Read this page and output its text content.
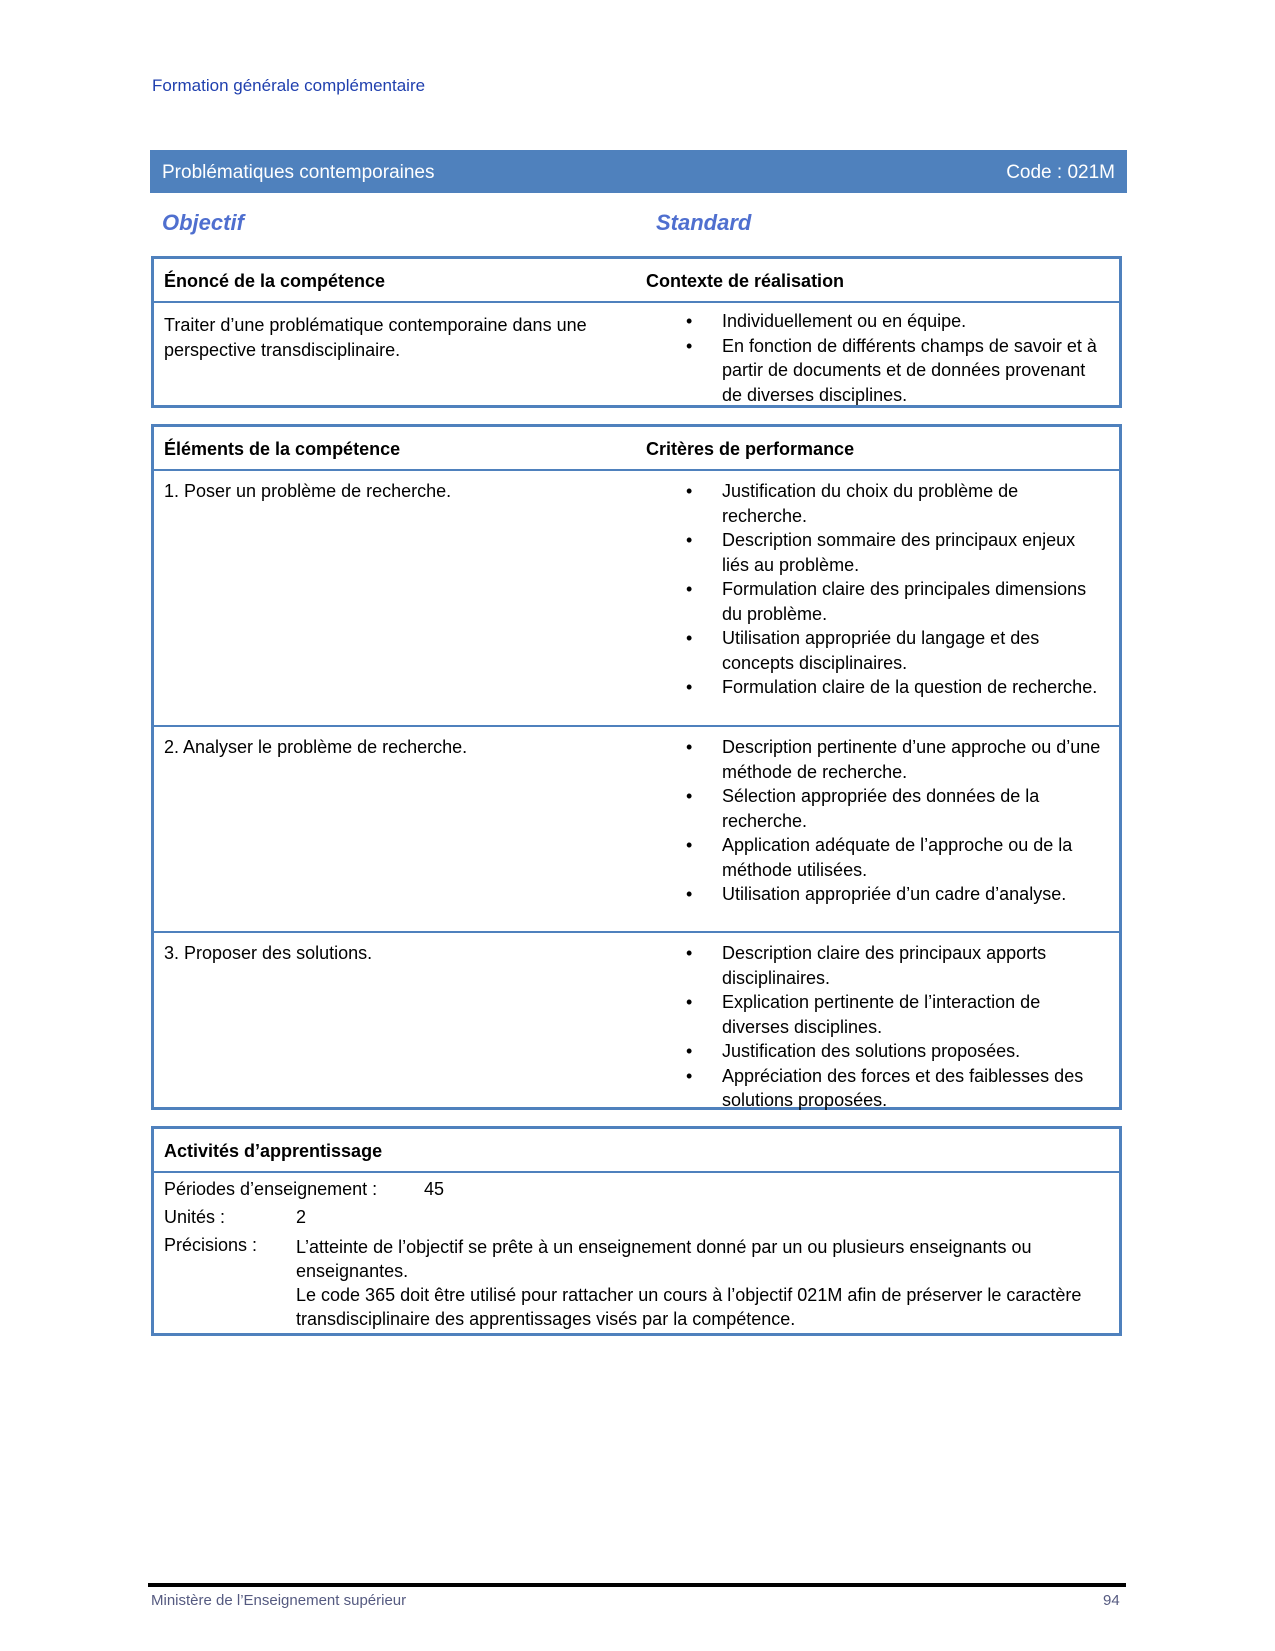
Formation générale complémentaire
Problématiques contemporaines	Code : 021M
Objectif	Standard
Énoncé de la compétence	Contexte de réalisation
Traiter d’une problématique contemporaine dans une perspective transdisciplinaire.
• Individuellement ou en équipe.
• En fonction de différents champs de savoir et à partir de documents et de données provenant de diverses disciplines.
Éléments de la compétence	Critères de performance
1. Poser un problème de recherche.	• Justification du choix du problème de recherche.
• Description sommaire des principaux enjeux liés au problème.
• Formulation claire des principales dimensions du problème.
• Utilisation appropriée du langage et des concepts disciplinaires.
• Formulation claire de la question de recherche.
2. Analyser le problème de recherche.	• Description pertinente d’une approche ou d’une méthode de recherche.
• Sélection appropriée des données de la recherche.
• Application adéquate de l’approche ou de la méthode utilisées.
• Utilisation appropriée d’un cadre d’analyse.
3. Proposer des solutions.	• Description claire des principaux apports disciplinaires.
• Explication pertinente de l’interaction de diverses disciplines.
• Justification des solutions proposées.
• Appréciation des forces et des faiblesses des solutions proposées.
Activités d’apprentissage
Périodes d’enseignement :	45
Unités :	2
Précisions : L’atteinte de l’objectif se prête à un enseignement donné par un ou plusieurs enseignants ou enseignantes.
Le code 365 doit être utilisé pour rattacher un cours à l’objectif 021M afin de préserver le caractère transdisciplinaire des apprentissages visés par la compétence.
Ministère de l’Enseignement supérieur	94
